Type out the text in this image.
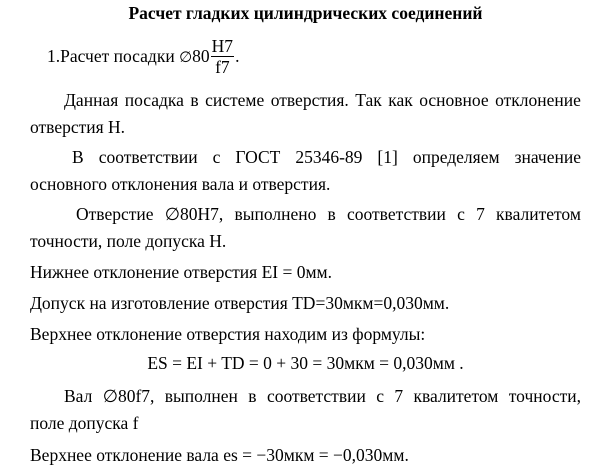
Расчет гладких цилиндрических соединений
1.Расчет посадки ∅80 $\frac{H7}{f7}$ .
Данная посадка в системе отверстия. Так как основное отклонение
отверстия Н.
В соответствии с ГОСТ 25346-89 [1] определяем значение
основного отклонения вала и отверстия.
Отверстие ∅80H7, выполнено в соответствии с 7 квалитетом
точности, поле допуска Н.
Нижнее отклонение отверстия EI = 0мм.
Допуск на изготовление отверстия TD=30мкм=0,030мм.
Верхнее отклонение отверстия находим из формулы:
ES = EI + TD = 0 + 30 = 30мкм = 0,030мм .
Вал ∅80f7, выполнен в соответствии с 7 квалитетом точности,
поле допуска f
Верхнее отклонение вала es = −30мкм = −0,030мм.
